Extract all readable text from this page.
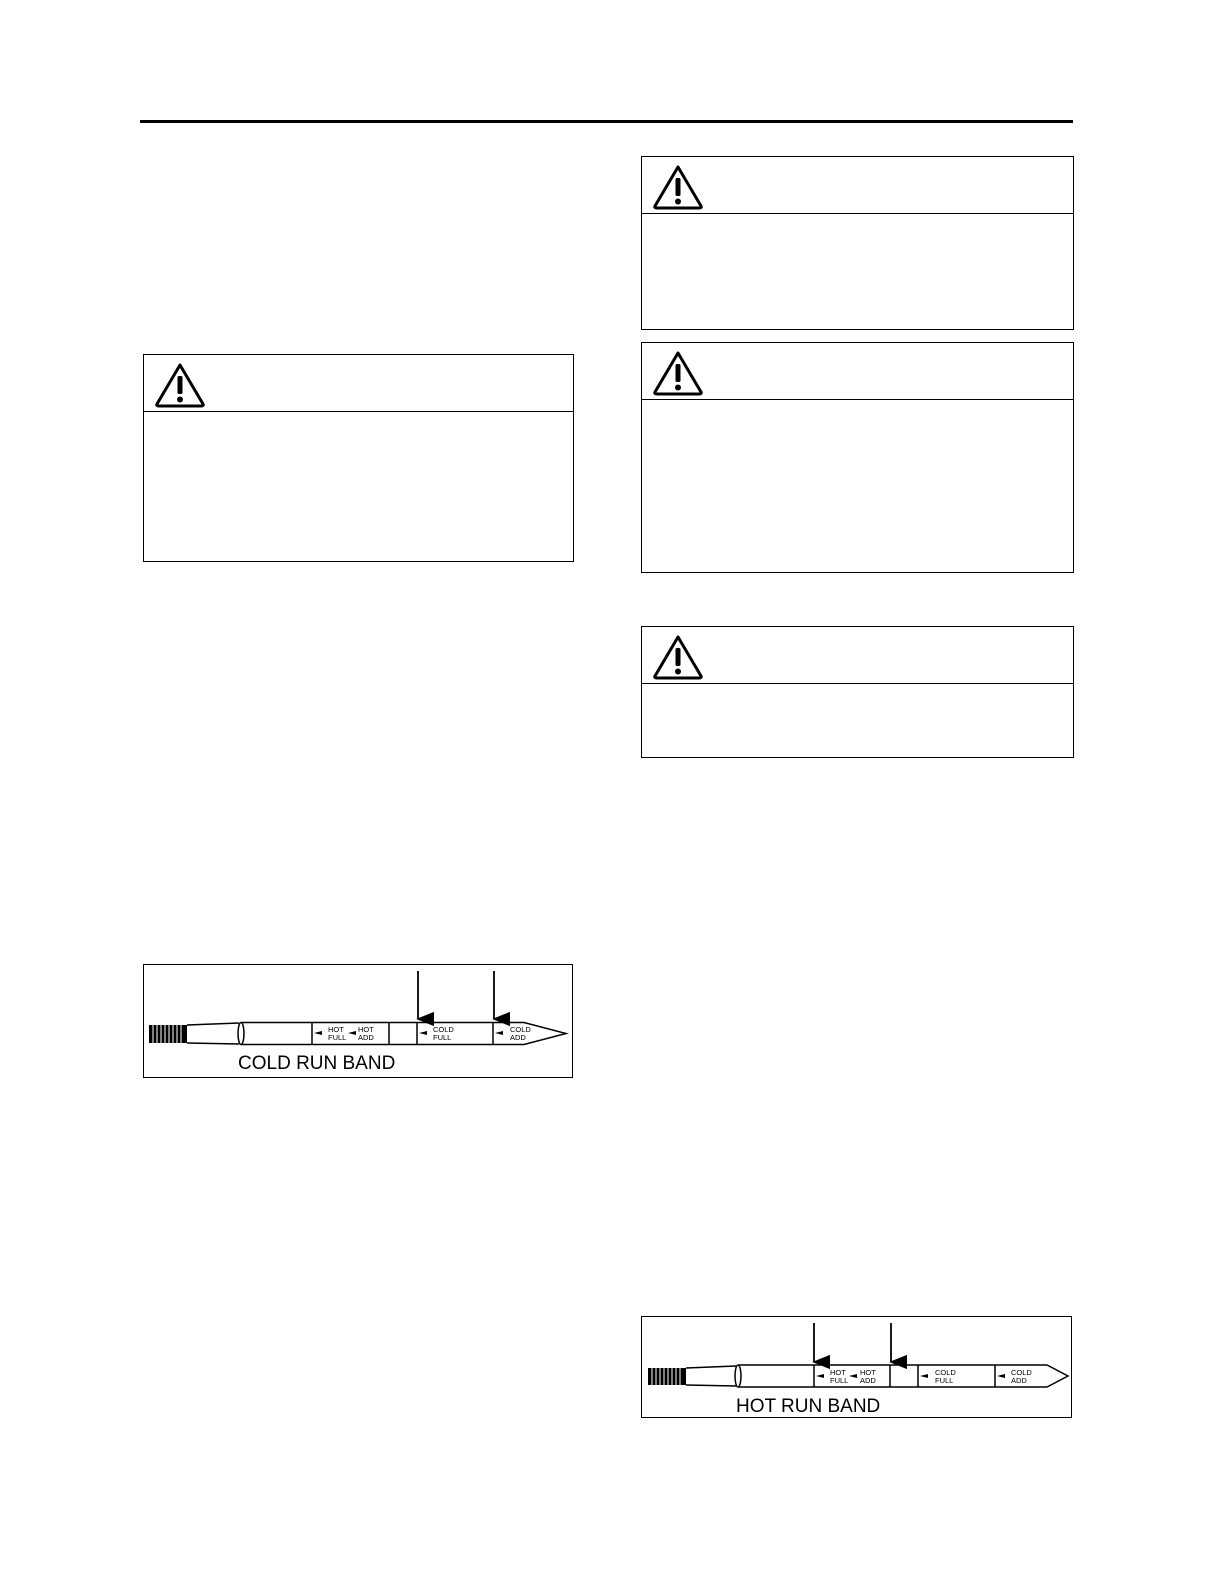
HOT
FULL
HOT
ADD
COLD
FULL
COLD
ADD
COLD RUN BAND
HOT
FULL
HOT
ADD
COLD
FULL
COLD
ADD
HOT RUN BAND
